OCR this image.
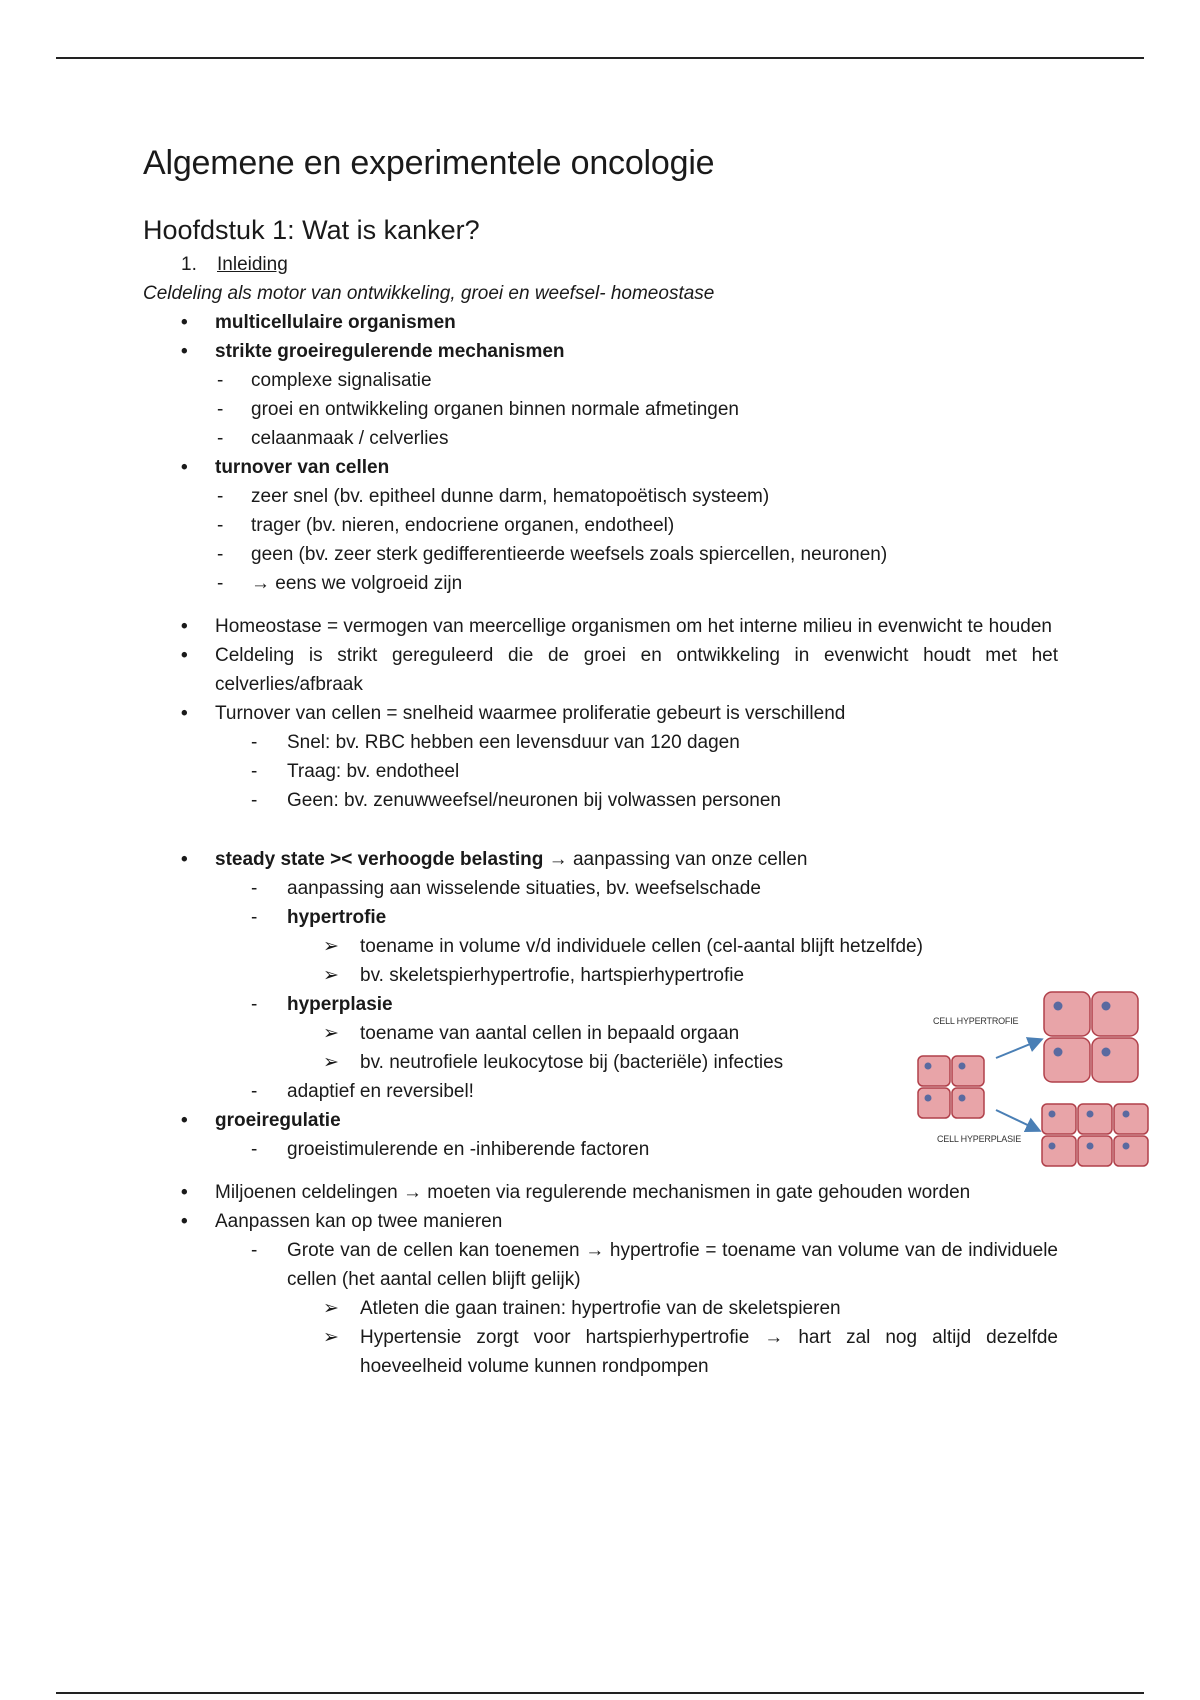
Algemene en experimentele oncologie
Hoofdstuk 1: Wat is kanker?
1.	Inleiding
Celdeling als motor van ontwikkeling, groei en weefsel- homeostase
• multicellulaire organismen
• strikte groeiregulerende mechanismen
- complexe signalisatie
- groei en ontwikkeling organen binnen normale afmetingen
- celaanmaak / celverlies
• turnover van cellen
- zeer snel (bv. epitheel dunne darm, hematopoëtisch systeem)
- trager (bv. nieren, endocriene organen, endotheel)
- geen (bv. zeer sterk gedifferentieerde weefsels zoals spiercellen, neuronen)
- → eens we volgroeid zijn
• Homeostase = vermogen van meercellige organismen om het interne milieu in evenwicht te houden
• Celdeling is strikt gereguleerd die de groei en ontwikkeling in evenwicht houdt met het celverlies/afbraak
• Turnover van cellen = snelheid waarmee proliferatie gebeurt is verschillend
- Snel: bv. RBC hebben een levensduur van 120 dagen
- Traag: bv. endotheel
- Geen: bv. zenuwweefsel/neuronen bij volwassen personen
• steady state >< verhoogde belasting → aanpassing van onze cellen
- aanpassing aan wisselende situaties, bv. weefselschade
- hypertrofie
➢ toename in volume v/d individuele cellen (cel-aantal blijft hetzelfde)
➢ bv. skeletspierhypertrofie, hartspierhypertrofie
- hyperplasie
➢ toename van aantal cellen in bepaald orgaan
➢ bv. neutrofiele leukocytose bij (bacteriële) infecties
- adaptief en reversibel!
• groeiregulatie
- groeistimulerende en -inhiberende factoren
• Miljoenen celdelingen → moeten via regulerende mechanismen in gate gehouden worden
• Aanpassen kan op twee manieren
- Grote van de cellen kan toenemen → hypertrofie = toename van volume van de individuele cellen (het aantal cellen blijft gelijk)
➢ Atleten die gaan trainen: hypertrofie van de skeletspieren
➢ Hypertensie zorgt voor hartspierhypertrofie → hart zal nog altijd dezelfde hoeveelheid volume kunnen rondpompen
CELL HYPERTROFIE
CELL HYPERPLASIE
